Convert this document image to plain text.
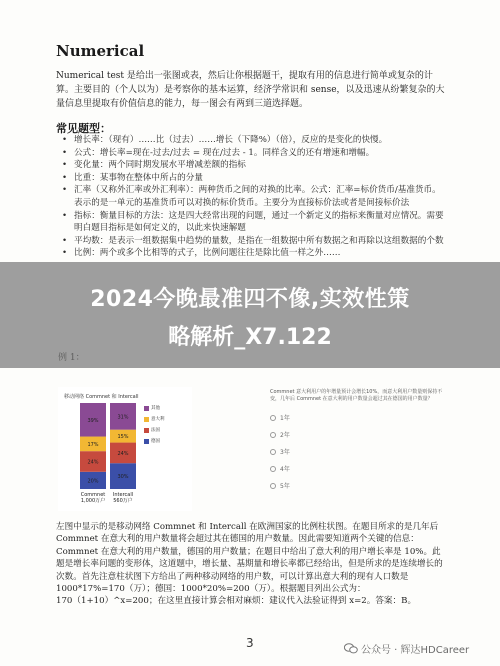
Numerical
Numerical test 是给出一张图或表，然后让你根据题干，提取有用的信息进行简单或复杂的计算。主要目的（个人以为）是考察你的基本运算，经济学常识和 sense，以及迅速从纷繁复杂的大量信息里提取有价值信息的能力，每一图会有两到三道选择题。
常见题型：
• 增长率：（现有）……比（过去）……增长（下降%）（倍），反应的是变化的快慢。
• 公式：增长率=现在-过去/过去 = 现在/过去 - 1。同样含义的还有增速和增幅。
• 变化量：两个同时期发展水平增减差额的指标
• 比重：某事物在整体中所占的分量
• 汇率（又称外汇率或外汇利率）：两种货币之间的对换的比率。公式：汇率=标价货币/基准货币。表示的是一单元的基准货币可以对换的标价货币。主要分为直接标价法或者是间接标价法
• 指标：衡量目标的方法：这是四大经常出现的问题，通过一个新定义的指标来衡量对应情况。需要明白题目指标是如何定义的，以此来快速解题
• 平均数：是表示一组数据集中趋势的量数，是指在一组数据中所有数据之和再除以这组数据的个数
• 比例：两个或多个比相等的式子，比例问题往往是除比值一样之外……
移动网络 Commnet 和 Intercall
20%
24%
17%
39%
Commnet
1,000万户
30%
24%
15%
31%
Intercall
560万户
其他
意大利
法国
德国
Commnet 意大利用户的年增量预计会增长10%，而意大利用户数量则保持不变，几年后 Commnet 在意大利的用户数量会超过其在德国的用户数量？
1年
2年
3年
4年
5年
左图中显示的是移动网络 Commnet 和 Intercall 在欧洲国家的比例柱状图。在题目所求的是几年后 Commnet 在意大利的用户数量将会超过其在德国的用户数量。因此需要知道两个关键的信息：Commnet 在意大利的用户数量，德国的用户数量；在题目中给出了意大利的用户增长率是 10%。此题是增长率问题的变形体，这道题中，增长量、基期量和增长率都已经给出，但是所求的是连续增长的次数。首先注意柱状图下方给出了两种移动网络的用户数，可以计算出意大利的现有人口数是 1000*17%=170（万）；德国：1000*20%=200（万）。根据题目列出公式为：
170（1+10）^x=200；在这里直接计算会相对麻烦：建议代入法验证得到 x=2。答案：B。
3
公众号 · 辉达HDCareer
2024今晚最准四不像,实效性策
略解析_X7.122
